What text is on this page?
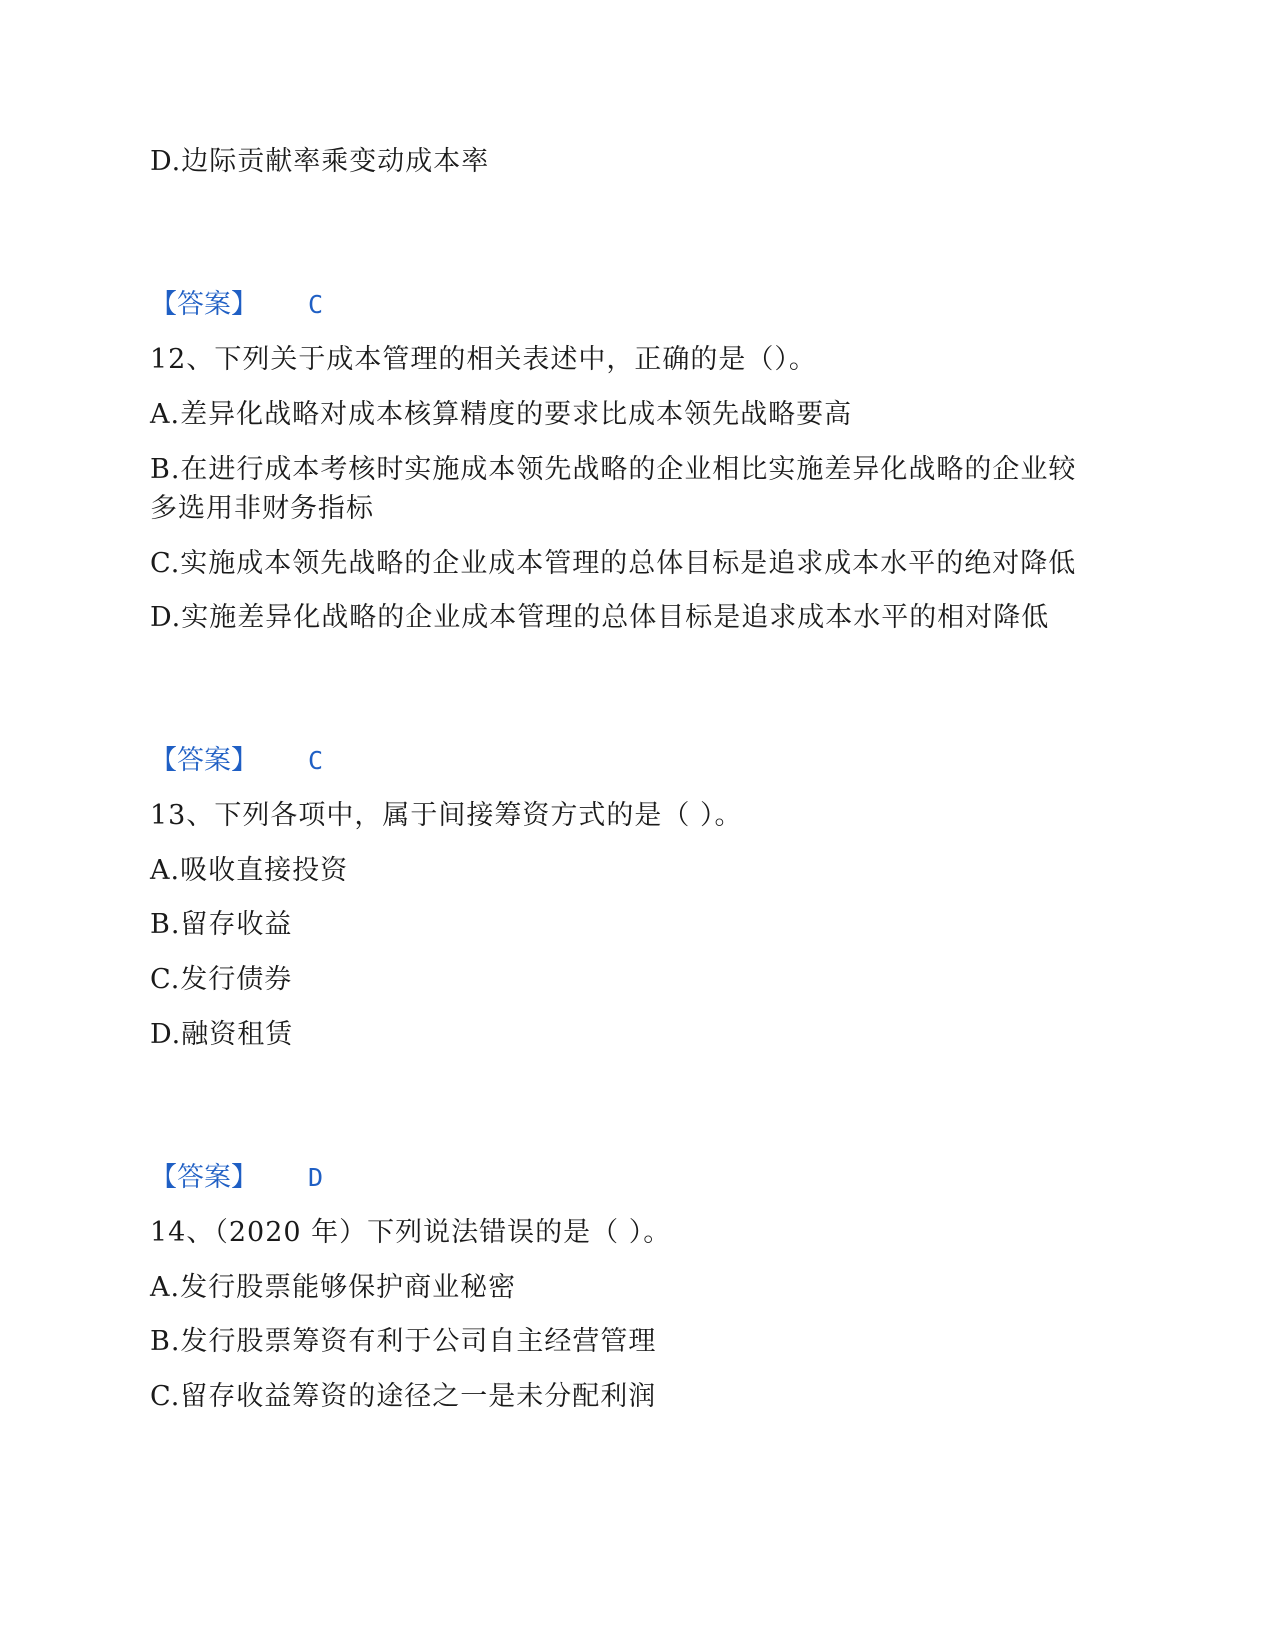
D.边际贡献率乘变动成本率
【答案】 C
12、下列关于成本管理的相关表述中，正确的是（）。
A.差异化战略对成本核算精度的要求比成本领先战略要高
B.在进行成本考核时实施成本领先战略的企业相比实施差异化战略的企业较
多选用非财务指标
C.实施成本领先战略的企业成本管理的总体目标是追求成本水平的绝对降低
D.实施差异化战略的企业成本管理的总体目标是追求成本水平的相对降低
【答案】 C
13、下列各项中，属于间接筹资方式的是（ ）。
A.吸收直接投资
B.留存收益
C.发行债券
D.融资租赁
【答案】 D
14、（2020 年）下列说法错误的是（ ）。
A.发行股票能够保护商业秘密
B.发行股票筹资有利于公司自主经营管理
C.留存收益筹资的途径之一是未分配利润
